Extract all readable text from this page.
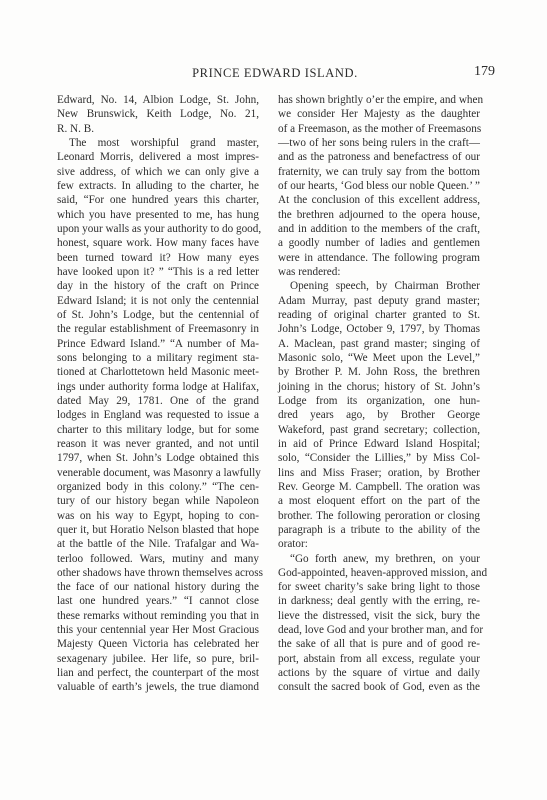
PRINCE EDWARD ISLAND.	179
Edward, No. 14, Albion Lodge, St. John,
New Brunswick, Keith Lodge, No. 21,
R. N. B.
The most worshipful grand master,
Leonard Morris, delivered a most impres-
sive address, of which we can only give a
few extracts. In alluding to the charter, he
said, “For one hundred years this charter,
which you have presented to me, has hung
upon your walls as your authority to do good,
honest, square work. How many faces have
been turned toward it? How many eyes
have looked upon it? ” “This is a red letter
day in the history of the craft on Prince
Edward Island; it is not only the centennial
of St. John’s Lodge, but the centennial of
the regular establishment of Freemasonry in
Prince Edward Island.” “A number of Ma-
sons belonging to a military regiment sta-
tioned at Charlottetown held Masonic meet-
ings under authority forma lodge at Halifax,
dated May 29, 1781. One of the grand
lodges in England was requested to issue a
charter to this military lodge, but for some
reason it was never granted, and not until
1797, when St. John’s Lodge obtained this
venerable document, was Masonry a lawfully
organized body in this colony.” “The cen-
tury of our history began while Napoleon
was on his way to Egypt, hoping to con-
quer it, but Horatio Nelson blasted that hope
at the battle of the Nile. Trafalgar and Wa-
terloo followed. Wars, mutiny and many
other shadows have thrown themselves across
the face of our national history during the
last one hundred years.” “I cannot close
these remarks without reminding you that in
this your centennial year Her Most Gracious
Majesty Queen Victoria has celebrated her
sexagenary jubilee. Her life, so pure, bril-
lian and perfect, the counterpart of the most
valuable of earth’s jewels, the true diamond
has shown brightly o’er the empire, and when
we consider Her Majesty as the daughter
of a Freemason, as the mother of Freemasons
—two of her sons being rulers in the craft—
and as the patroness and benefactress of our
fraternity, we can truly say from the bottom
of our hearts, ‘God bless our noble Queen.’ ”
At the conclusion of this excellent address,
the brethren adjourned to the opera house,
and in addition to the members of the craft,
a goodly number of ladies and gentlemen
were in attendance. The following program
was rendered:
Opening speech, by Chairman Brother
Adam Murray, past deputy grand master;
reading of original charter granted to St.
John’s Lodge, October 9, 1797, by Thomas
A. Maclean, past grand master; singing of
Masonic solo, “We Meet upon the Level,”
by Brother P. M. John Ross, the brethren
joining in the chorus; history of St. John’s
Lodge from its organization, one hun-
dred years ago, by Brother George
Wakeford, past grand secretary; collection,
in aid of Prince Edward Island Hospital;
solo, “Consider the Lillies,” by Miss Col-
lins and Miss Fraser; oration, by Brother
Rev. George M. Campbell. The oration was
a most eloquent effort on the part of the
brother. The following peroration or closing
paragraph is a tribute to the ability of the
orator:
“Go forth anew, my brethren, on your
God-appointed, heaven-approved mission, and
for sweet charity’s sake bring light to those
in darkness; deal gently with the erring, re-
lieve the distressed, visit the sick, bury the
dead, love God and your brother man, and for
the sake of all that is pure and of good re-
port, abstain from all excess, regulate your
actions by the square of virtue and daily
consult the sacred book of God, even as the
